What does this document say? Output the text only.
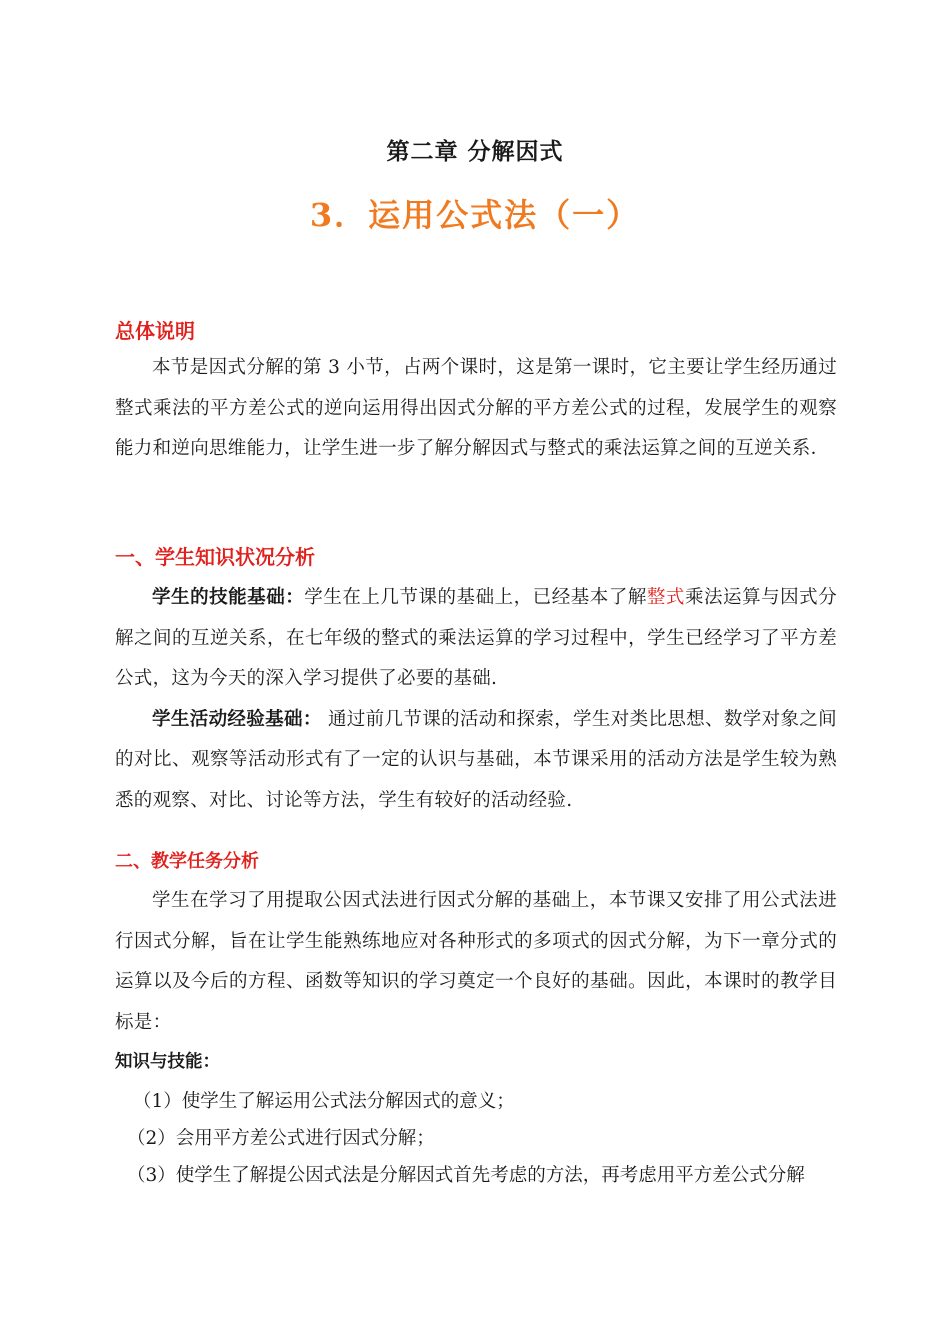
第二章 分解因式
3．运用公式法（一）
总体说明

本节是因式分解的第 3 小节，占两个课时，这是第一课时，它主要让学生经历通过整式乘法的平方差公式的逆向运用得出因式分解的平方差公式的过程，发展学生的观察能力和逆向思维能力，让学生进一步了解分解因式与整式的乘法运算之间的互逆关系．

一、学生知识状况分析

学生的技能基础：学生在上几节课的基础上，已经基本了解整式乘法运算与因式分解之间的互逆关系，在七年级的整式的乘法运算的学习过程中，学生已经学习了平方差公式，这为今天的深入学习提供了必要的基础.

学生活动经验基础： 通过前几节课的活动和探索，学生对类比思想、数学对象之间的对比、观察等活动形式有了一定的认识与基础，本节课采用的活动方法是学生较为熟悉的观察、对比、讨论等方法，学生有较好的活动经验.

二、教学任务分析

学生在学习了用提取公因式法进行因式分解的基础上，本节课又安排了用公式法进行因式分解，旨在让学生能熟练地应对各种形式的多项式的因式分解，为下一章分式的运算以及今后的方程、函数等知识的学习奠定一个良好的基础。因此，本课时的教学目标是：

知识与技能：

（1）使学生了解运用公式法分解因式的意义；

（2）会用平方差公式进行因式分解；

（3）使学生了解提公因式法是分解因式首先考虑的方法，再考虑用平方差公式分解
